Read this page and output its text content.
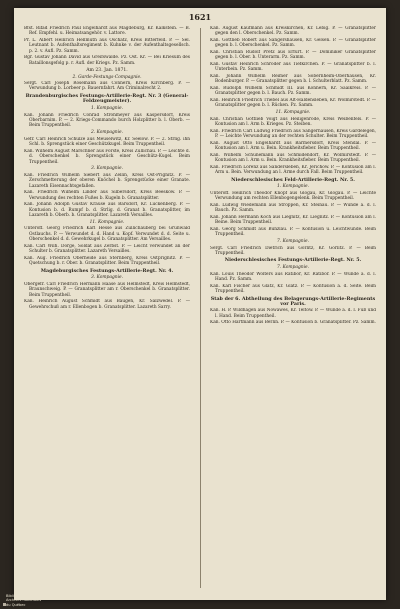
1621
Bfst. Rifad Friedrich Paul Engelhardt aus Magdeburg, Kr. Kalkstein. — B. Ref. Empfehl. u. Heimatsangehör. v. Lattore.
Pr. L. Albert Heinrich Hellmuth aus Oschatz, Kreis Bitterfeld. P. — Sel. Leutnant b. Aufenthaltsregiment b. Kuhnke v. der Aufenthaltsgesellsch. p. 2. v. Aufl. Pz. Samm.
Bgr. Gustav Johann David aus Greifswalde. Pz. Ost. Kr. — Bei Kriesum des Bataillonsgefolg p. r. Aufl. der Kriegs. Pz. Samm.
Am 23. Jan. 1871.
2. Garde-Festungs-Compagnie.
Sergt. Carl Joseph Rosemann aus Cönnern, Kreis Kirchberg. P. — Verwundung b. Lorbeer p. Bauernfahrt. Am Criminalrecht 2.
Brandenburgisches Festungs-Artillerie-Regt. Nr. 3 (General-Feldzeugmeister).
1. Kompagnie.
Kan. Johann Friedrich Conrad Strohmeyer aus Kaspersdorf, Kreis Oberbarnim. P. — 2. Kriegs-Commando burch Holzplitter b. l. Oberb. — Beim Truppentheil.
2. Kompagnie.
Gefr. Carl Heinrich Schulze aus Meuselwitz, Kr. Seelow. P. — 2. Strlig. ihn Schl. b. Sprengstück einer Geschützkugel. Beim Truppentheil.
Kan. Wilhelm August Marschner aus Forste, Kreis Züllichau. P. — Leichte d. d. Oberschenkel b. Sprengstück einer Geschütz-Kugel. Beim Truppentheil.
3. Kompagnie.
Kan. Friedrich Wilhelm Siebert aus Zellin, Kreis Ost-Prignitz. P. — Zerschmetterung der oberen Knöchel b. Sprengstücke einer Granate. Lazareth Eisennachtsgefallen.
Kan. Friedrich Wilhelm Linder aus Silbersdorf, Kreis Beeskow. P. — Verwundung des rechten Fußes b. Kugeln b. Granatsplitter.
Kan. Johann Adolph Gustav Krause aus Bärsdorf, Kr. Luckenberg. P. — Kontusion b. d. Rumpf b. d. Strlig. d. Granat b. Granatsplitter, im Lazareth b. Oberb. b. Granatsplitter. Lazareth Versailles.
11. Kompagnie.
Unteroff. Georg Friedrich Karl Hesse aus Züllichauberg bei Grünwald Ostlauchs. P. — Verwundet d. d. Hand u. Kopf. Verwundet d. d. Seite u. Oberschenkel d. d. Gewehrkugel b. Granatsplitter. Am Versailles.
Kan. Carl Wilh. Dörge, Soldat aus Zerbst. P. — Leicht verwundet an der Schulter b. Granatsplitter. Lazareth Versailles.
Kan. Aug. Friedrich Oberheide aus Sternberg, Kreis Ostprignitz. P. — Quetschung b. r. Ober. b. Granatsplitter. Beim Truppentheil.
Magdeburgisches Festungs-Artillerie-Regt. Nr. 4.
3. Kompagnie.
Obergefr. Carl Friedrich Hermann Haase aus Helmstedt, Kreis Helmstedt, Braunschweig. P. — Granatsplitter am r. Oberschenkel b. Granatsplitter. Beim Truppentheil.
Kan. Heinrich August Schmidt aus Baugen, Kr. Salzwedel. P. — Gewehrschuß am r. Ellenbogen b. Granatsplitter. Lazareth Sarry.
Kan. August Kaufmann aus Kreiskirchen, Kr. Lebig. P. — Granatsplitter gegen den l. Oberschenkel. Pz. Samm.
Kan. Gottlieb Robert aus Sangershausen, Kr. Gelsen. P. — Granatsplitter gegen b. l. Oberschenkel. Pz. Samm.
Kan. Christian Rudolf Pretz aus Erfurt. P. — Dominiker Granatsplitter gegen b. l. Ober. b. Unterarm. Pz. Samm.
Kan. Gustav Heinrich Schröder aus Tiefkirchen. P. — Granatsplitter b. l. Unterbein. Pz. Samm.
Kan. Johann Wilhelm Reimer aus Sobernheim-Oberhausen, Kr. Bodenburger. P. — Granatsplitter gegen b. l. Schulterblatt. Pz. Samm.
Kan. Rudolph Wilhelm Schmidt III. aus Könnern, Kr. Saalkreis. P. — Granatsplitter gegen b. l. Bauch. Pz. Samm.
Kan. Heinrich Friedrich Triebel aus Alt-Haldensleben, Kr. Wolmirstedt. P. — Granatsplitter gegen b. l. Rücken. Pz. Samm.
11. Kompagnie.
Kan. Christian Gottlieb Voigt aus Heiligenrode, Kreis Weißenfels. P. — Kontusion am l. Arm b. Krieges. Pz. Steiben.
Kan. Friedrich Carl Ludwig Friedrich aus Sangerhausen, Kreis Gardelegen, P. — Leichte Verwundung an der rechten Schulter. Beim Truppentheil.
Kan. August Otto Engelhardt aus Barmersdorf, Kreis Stendal. P. — Kontusion am l. Arm u. Bein. Krankheitsfieber. Beim Truppentheil.
Kan. Wilhelm Schünemann aus Schmidendorf, Kr. Wolmirstedt. P. — Kontusion am l. Arm u. Bein. Krankheitsfieber. Beim Truppentheil.
Kan. Friedrich Lorenz aus Sandersleben, Kr. Jerichow. P. — Kontusion am l. Arm u. Bein. Verwundung an l. Arme durch Fall. Beim Truppentheil.
Niederschlesisches Feld-Artillerie-Regt. Nr. 5.
1. Kompagnie.
Unteroff. Heinrich Theodor Knopf aus Glogau, Kr. Glogau. P. — Leichte Verwundung am rechten Ellenbogengelenk. Beim Truppentheil.
Kan. Ludwig Wiedemann aus Stroppen, Kr. Steinau. P. — Wunde a. d. l. Bauch. Pz. Samm.
Kan. Johann Hermann Koch aus Liegnitz, Kr. Liegnitz. P. — Kontusion am l. Beine. Beim Truppentheil.
Kan. Georg Schmidt aus Bunzlau. P. — Kontusion u. Leichtwunde. Beim Truppentheil.
7. Kompagnie.
Sergt. Carl Friedrich Dietrich aus Görlitz, Kr. Görlitz. P. — Beim Truppentheil.
Niederschlesisches Festungs-Artillerie-Regt. Nr. 5.
7. Kompagnie.
Kan. Louis Theodor Wolters aus Ratibor, Kr. Ratibor. P. — Wunde a. d. l. Hand. Pz. Samm.
Kan. Karl Fischer aus Glatz, Kr. Glatz. P. — Kontusion a. d. Seite. Beim Truppentheil.
Stab der 6. Abtheilung des Belagerungs-Artillerie-Regiments vor Paris.
Kan. H. P. Wildhagen aus Nowawes, Kr. Teltow. P. — Wunde a. d. l. Fuß und l. Hand. Beim Truppentheil.
Kan. Otto Hartmann aus Berlin. P. — Kontusion b. Granatsplitter. Pz. Samm.
Bibliothèque et
Archives nationales
du Québec
